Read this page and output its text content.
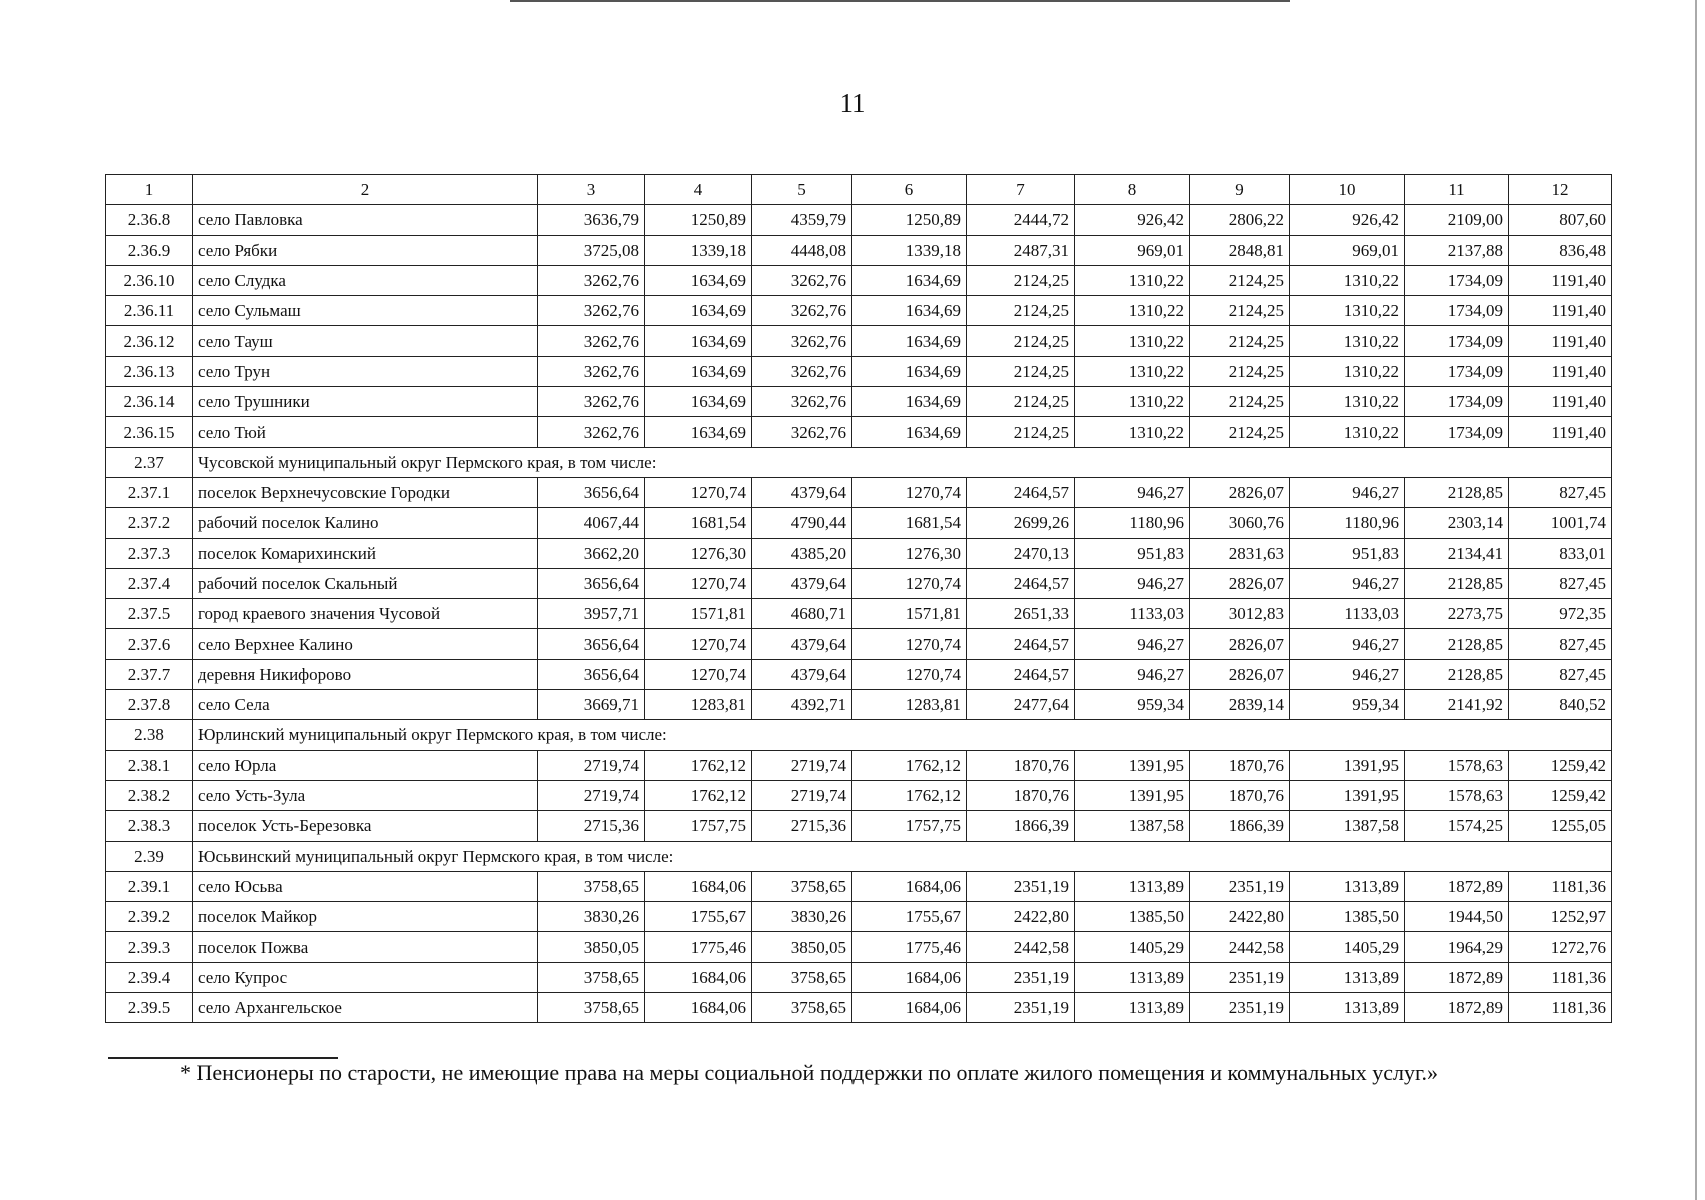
11
1	2	3	4	5	6	7	8	9	10	11	12
2.36.8	село Павловка	3636,79	1250,89	4359,79	1250,89	2444,72	926,42	2806,22	926,42	2109,00	807,60
2.36.9	село Рябки	3725,08	1339,18	4448,08	1339,18	2487,31	969,01	2848,81	969,01	2137,88	836,48
2.36.10	село Слудка	3262,76	1634,69	3262,76	1634,69	2124,25	1310,22	2124,25	1310,22	1734,09	1191,40
2.36.11	село Сульмаш	3262,76	1634,69	3262,76	1634,69	2124,25	1310,22	2124,25	1310,22	1734,09	1191,40
2.36.12	село Тауш	3262,76	1634,69	3262,76	1634,69	2124,25	1310,22	2124,25	1310,22	1734,09	1191,40
2.36.13	село Трун	3262,76	1634,69	3262,76	1634,69	2124,25	1310,22	2124,25	1310,22	1734,09	1191,40
2.36.14	село Трушники	3262,76	1634,69	3262,76	1634,69	2124,25	1310,22	2124,25	1310,22	1734,09	1191,40
2.36.15	село Тюй	3262,76	1634,69	3262,76	1634,69	2124,25	1310,22	2124,25	1310,22	1734,09	1191,40
2.37	Чусовской муниципальный округ Пермского края, в том числе:										
2.37.1	поселок Верхнечусовские Городки	3656,64	1270,74	4379,64	1270,74	2464,57	946,27	2826,07	946,27	2128,85	827,45
2.37.2	рабочий поселок Калино	4067,44	1681,54	4790,44	1681,54	2699,26	1180,96	3060,76	1180,96	2303,14	1001,74
2.37.3	поселок Комарихинский	3662,20	1276,30	4385,20	1276,30	2470,13	951,83	2831,63	951,83	2134,41	833,01
2.37.4	рабочий поселок Скальный	3656,64	1270,74	4379,64	1270,74	2464,57	946,27	2826,07	946,27	2128,85	827,45
2.37.5	город краевого значения Чусовой	3957,71	1571,81	4680,71	1571,81	2651,33	1133,03	3012,83	1133,03	2273,75	972,35
2.37.6	село Верхнее Калино	3656,64	1270,74	4379,64	1270,74	2464,57	946,27	2826,07	946,27	2128,85	827,45
2.37.7	деревня Никифорово	3656,64	1270,74	4379,64	1270,74	2464,57	946,27	2826,07	946,27	2128,85	827,45
2.37.8	село Села	3669,71	1283,81	4392,71	1283,81	2477,64	959,34	2839,14	959,34	2141,92	840,52
2.38	Юрлинский муниципальный округ Пермского края, в том числе:										
2.38.1	село Юрла	2719,74	1762,12	2719,74	1762,12	1870,76	1391,95	1870,76	1391,95	1578,63	1259,42
2.38.2	село Усть-Зула	2719,74	1762,12	2719,74	1762,12	1870,76	1391,95	1870,76	1391,95	1578,63	1259,42
2.38.3	поселок Усть-Березовка	2715,36	1757,75	2715,36	1757,75	1866,39	1387,58	1866,39	1387,58	1574,25	1255,05
2.39	Юсьвинский муниципальный округ Пермского края, в том числе:										
2.39.1	село Юсьва	3758,65	1684,06	3758,65	1684,06	2351,19	1313,89	2351,19	1313,89	1872,89	1181,36
2.39.2	поселок Майкор	3830,26	1755,67	3830,26	1755,67	2422,80	1385,50	2422,80	1385,50	1944,50	1252,97
2.39.3	поселок Пожва	3850,05	1775,46	3850,05	1775,46	2442,58	1405,29	2442,58	1405,29	1964,29	1272,76
2.39.4	село Купрос	3758,65	1684,06	3758,65	1684,06	2351,19	1313,89	2351,19	1313,89	1872,89	1181,36
2.39.5	село Архангельское	3758,65	1684,06	3758,65	1684,06	2351,19	1313,89	2351,19	1313,89	1872,89	1181,36
* Пенсионеры по старости, не имеющие права на меры социальной поддержки по оплате жилого помещения и коммунальных услуг.»
